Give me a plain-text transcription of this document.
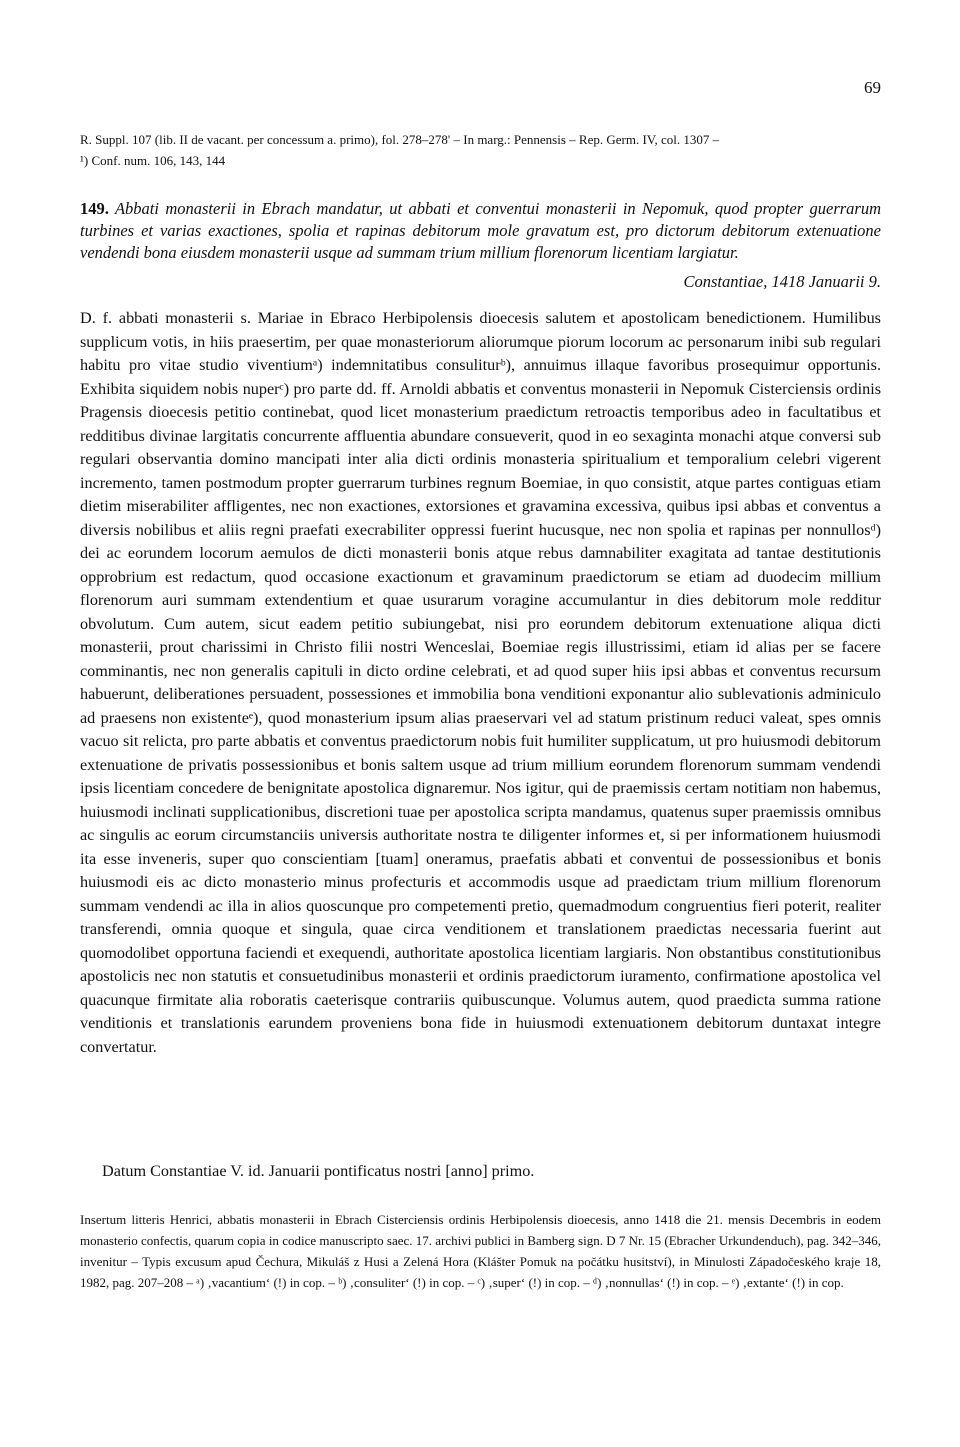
69
R. Suppl. 107 (lib. II de vacant. per concessum a. primo), fol. 278–278' – In marg.: Pennensis – Rep. Germ. IV, col. 1307 –
¹) Conf. num. 106, 143, 144
149. Abbati monasterii in Ebrach mandatur, ut abbati et conventui monasterii in Nepomuk, quod propter guerrarum turbines et varias exactiones, spolia et rapinas debitorum mole gravatum est, pro dictorum debitorum extenuatione vendendi bona eiusdem monasterii usque ad summam trium millium florenorum licentiam largiatur.
Constantiae, 1418 Januarii 9.

D. f. abbati monasterii s. Mariae in Ebraco Herbipolensis dioecesis salutem et apostolicam benedictionem. Humilibus supplicum votis, in hiis praesertim, per quae monasteriorum aliorumque piorum locorum ac personarum inibi sub regulari habitu pro vitae studio viventiumᵃ) indemnitatibus consuliturᵇ), annuimus illaque favoribus prosequimur opportunis. Exhibita siquidem nobis nuperᶜ) pro parte dd. ff. Arnoldi abbatis et conventus monasterii in Nepomuk Cisterciensis ordinis Pragensis dioecesis petitio continebat, quod licet monasterium praedictum retroactis temporibus adeo in facultatibus et redditibus divinae largitatis concurrente affluentia abundare consueverit, quod in eo sexaginta monachi atque conversi sub regulari observantia domino mancipati inter alia dicti ordinis monasteria spiritualium et temporalium celebri vigerent incremento, tamen postmodum propter guerrarum turbines regnum Boemiae, in quo consistit, atque partes contiguas etiam dietim miserabiliter affligentes, nec non exactiones, extorsiones et gravamina excessiva, quibus ipsi abbas et conventus a diversis nobilibus et aliis regni praefati execrabiliter oppressi fuerint hucusque, nec non spolia et rapinas per nonnullosᵈ) dei ac eorundem locorum aemulos de dicti monasterii bonis atque rebus damnabiliter exagitata ad tantae destitutionis opprobrium est redactum, quod occasione exactionum et gravaminum praedictorum se etiam ad duodecim millium florenorum auri summam extendentium et quae usurarum voragine accumulantur in dies debitorum mole redditur obvolutum. Cum autem, sicut eadem petitio subiungebat, nisi pro eorundem debitorum extenuatione aliqua dicti monasterii, prout charissimi in Christo filii nostri Wenceslai, Boemiae regis illustrissimi, etiam id alias per se facere comminantis, nec non generalis capituli in dicto ordine celebrati, et ad quod super hiis ipsi abbas et conventus recursum habuerunt, deliberationes persuadent, possessiones et immobilia bona venditioni exponantur alio sublevationis adminiculo ad praesens non existenteᵉ), quod monasterium ipsum alias praeservari vel ad statum pristinum reduci valeat, spes omnis vacuo sit relicta, pro parte abbatis et conventus praedictorum nobis fuit humiliter supplicatum, ut pro huiusmodi debitorum extenuatione de privatis possessionibus et bonis saltem usque ad trium millium eorundem florenorum summam vendendi ipsis licentiam concedere de benignitate apostolica dignaremur. Nos igitur, qui de praemissis certam notitiam non habemus, huiusmodi inclinati supplicationibus, discretioni tuae per apostolica scripta mandamus, quatenus super praemissis omnibus ac singulis ac eorum circumstanciis universis authoritate nostra te diligenter informes et, si per informationem huiusmodi ita esse inveneris, super quo conscientiam [tuam] oneramus, praefatis abbati et conventui de possessionibus et bonis huiusmodi eis ac dicto monasterio minus profecturis et accommodis usque ad praedictam trium millium florenorum summam vendendi ac illa in alios quoscunque pro competementi pretio, quemadmodum congruentius fieri poterit, realiter transferendi, omnia quoque et singula, quae circa venditionem et translationem praedictas necessaria fuerint aut quomodolibet opportuna faciendi et exequendi, authoritate apostolica licentiam largiaris. Non obstantibus constitutionibus apostolicis nec non statutis et consuetudinibus monasterii et ordinis praedictorum iuramento, confirmatione apostolica vel quacunque firmitate alia roboratis caeterisque contrariis quibuscunque. Volumus autem, quod praedicta summa ratione venditionis et translationis earundem proveniens bona fide in huiusmodi extenuationem debitorum duntaxat integre convertatur.

Datum Constantiae V. id. Januarii pontificatus nostri [anno] primo.
Insertum litteris Henrici, abbatis monasterii in Ebrach Cisterciensis ordinis Herbipolensis dioecesis, anno 1418 die 21. mensis Decembris in eodem monasterio confectis, quarum copia in codice manuscripto saec. 17. archivi publici in Bamberg sign. D 7 Nr. 15 (Ebracher Urkundenduch), pag. 342–346, invenitur – Typis excusum apud Čechura, Mikuláš z Husi a Zelená Hora (Klášter Pomuk na počátku husitství), in Minulosti Západočeského kraje 18, 1982, pag. 207–208 – ᵃ) ‚vacantium‘ (!) in cop. – ᵇ) ‚consuliter‘ (!) in cop. – ᶜ) ‚super‘ (!) in cop. – ᵈ) ‚nonnullas‘ (!) in cop. – ᵉ) ‚extante‘ (!) in cop.
